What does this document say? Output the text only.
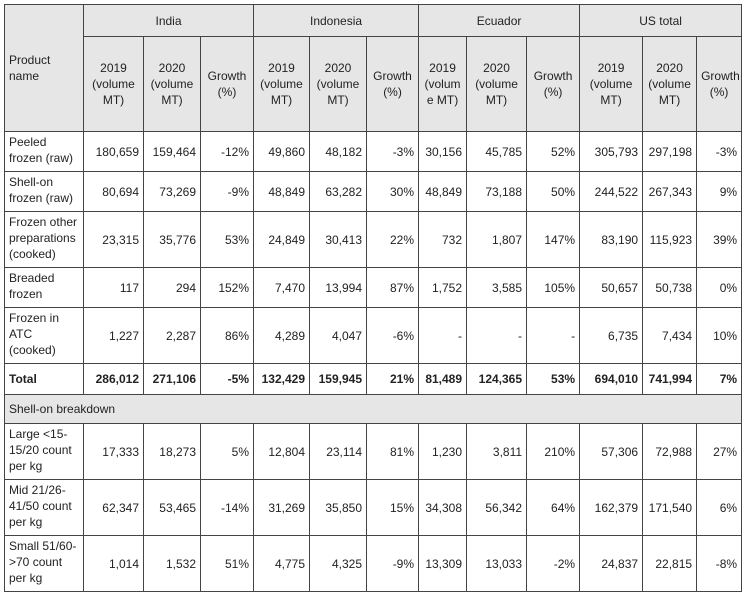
Product
name	India			Indonesia			Ecuador			US total		
	2019
(volume
MT)	2020
(volume
MT)	Growth
(%)	2019
(volume
MT)	2020
(volume
MT)	Growth
(%)	2019
(volum
e MT)	2020
(volume
MT)	Growth
(%)	2019
(volume
MT)	2020
(volume
MT)	Growth
(%)
Peeled
frozen (raw)	180,659	159,464	-12%	49,860	48,182	-3%	30,156	45,785	52%	305,793	297,198	-3%
Shell-on
frozen (raw)	80,694	73,269	-9%	48,849	63,282	30%	48,849	73,188	50%	244,522	267,343	9%
Frozen other
preparations
(cooked)	23,315	35,776	53%	24,849	30,413	22%	732	1,807	147%	83,190	115,923	39%
Breaded
frozen	117	294	152%	7,470	13,994	87%	1,752	3,585	105%	50,657	50,738	0%
Frozen in
ATC
(cooked)	1,227	2,287	86%	4,289	4,047	-6%	-	-	-	6,735	7,434	10%
Total	286,012	271,106	-5%	132,429	159,945	21%	81,489	124,365	53%	694,010	741,994	7%
Shell-on breakdown												
Large <15-
15/20 count
per kg	17,333	18,273	5%	12,804	23,114	81%	1,230	3,811	210%	57,306	72,988	27%
Mid 21/26-
41/50 count
per kg	62,347	53,465	-14%	31,269	35,850	15%	34,308	56,342	64%	162,379	171,540	6%
Small 51/60-
>70 count
per kg	1,014	1,532	51%	4,775	4,325	-9%	13,309	13,033	-2%	24,837	22,815	-8%
